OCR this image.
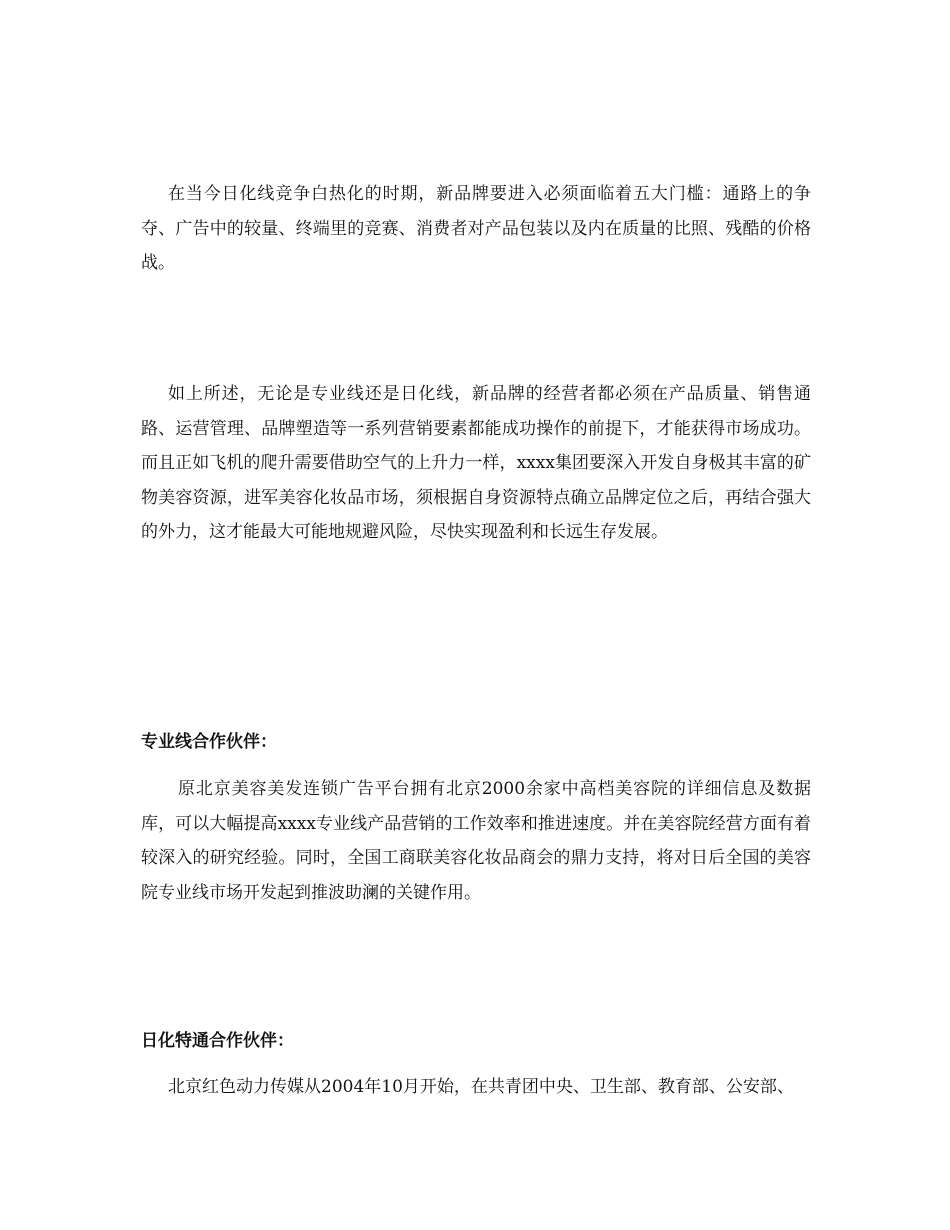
在当今日化线竞争白热化的时期，新品牌要进入必须面临着五大门槛：通路上的争夺、广告中的较量、终端里的竞赛、消费者对产品包装以及内在质量的比照、残酷的价格战。

如上所述，无论是专业线还是日化线，新品牌的经营者都必须在产品质量、销售通路、运营管理、品牌塑造等一系列营销要素都能成功操作的前提下，才能获得市场成功。而且正如飞机的爬升需要借助空气的上升力一样，xxxx集团要深入开发自身极其丰富的矿物美容资源，进军美容化妆品市场，须根据自身资源特点确立品牌定位之后，再结合强大的外力，这才能最大可能地规避风险，尽快实现盈利和长远生存发展。

专业线合作伙伴：

原北京美容美发连锁广告平台拥有北京2000余家中高档美容院的详细信息及数据库，可以大幅提高xxxx专业线产品营销的工作效率和推进速度。并在美容院经营方面有着较深入的研究经验。同时，全国工商联美容化妆品商会的鼎力支持，将对日后全国的美容院专业线市场开发起到推波助澜的关键作用。

日化特通合作伙伴：

北京红色动力传媒从2004年10月开始，在共青团中央、卫生部、教育部、公安部、
